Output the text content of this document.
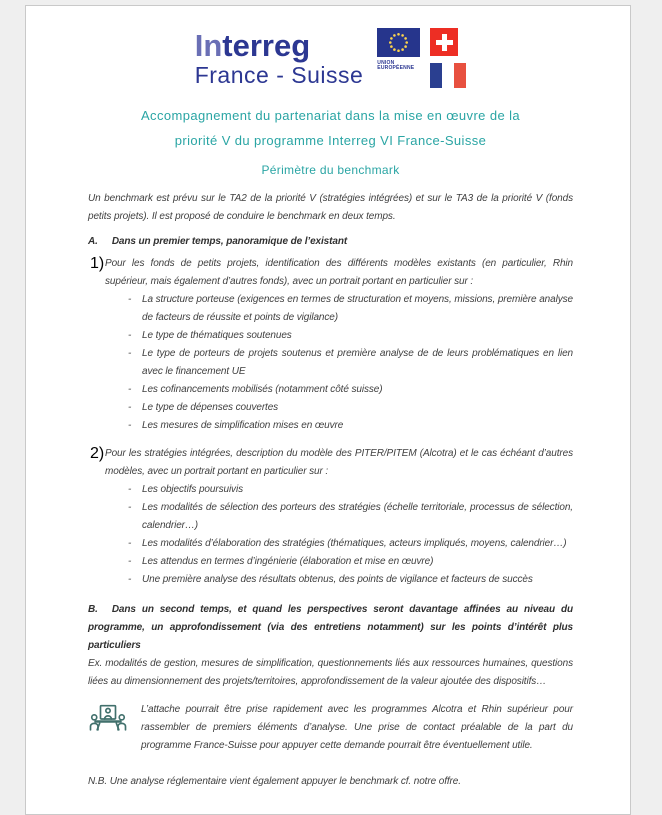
Interreg
France - Suisse	UNION
EUROPÉENNE
Accompagnement du partenariat dans la mise en œuvre de la
priorité V du programme Interreg VI France-Suisse
Périmètre du benchmark

Un benchmark est prévu sur le TA2 de la priorité V (stratégies intégrées) et sur le TA3 de la priorité V (fonds petits projets). Il est proposé de conduire le benchmark en deux temps.

A. Dans un premier temps, panoramique de l’existant

1) Pour les fonds de petits projets, identification des différents modèles existants (en particulier, Rhin supérieur, mais également d’autres fonds), avec un portrait portant en particulier sur :
-	La structure porteuse (exigences en termes de structuration et moyens, missions, première analyse de facteurs de réussite et points de vigilance)
-	Le type de thématiques soutenues
-	Le type de porteurs de projets soutenus et première analyse de de leurs problématiques en lien avec le financement UE
-	Les cofinancements mobilisés (notamment côté suisse)
-	Le type de dépenses couvertes
-	Les mesures de simplification mises en œuvre
2) Pour les stratégies intégrées, description du modèle des PITER/PITEM (Alcotra) et le cas échéant d’autres modèles, avec un portrait portant en particulier sur :
-	Les objectifs poursuivis
-	Les modalités de sélection des porteurs des stratégies (échelle territoriale, processus de sélection, calendrier…)
-	Les modalités d’élaboration des stratégies (thématiques, acteurs impliqués, moyens, calendrier…)
-	Les attendus en termes d’ingénierie (élaboration et mise en œuvre)
-	Une première analyse des résultats obtenus, des points de vigilance et facteurs de succès

B. Dans un second temps, et quand les perspectives seront davantage affinées au niveau du programme, un approfondissement (via des entretiens notamment) sur les points d’intérêt plus particuliers

Ex. modalités de gestion, mesures de simplification, questionnements liés aux ressources humaines, questions liées au dimensionnement des projets/territoires, approfondissement de la valeur ajoutée des dispositifs…

L’attache pourrait être prise rapidement avec les programmes Alcotra et Rhin supérieur pour rassembler de premiers éléments d’analyse. Une prise de contact préalable de la part du programme France-Suisse pour appuyer cette demande pourrait être éventuellement utile.

N.B. Une analyse réglementaire vient également appuyer le benchmark cf. notre offre.
